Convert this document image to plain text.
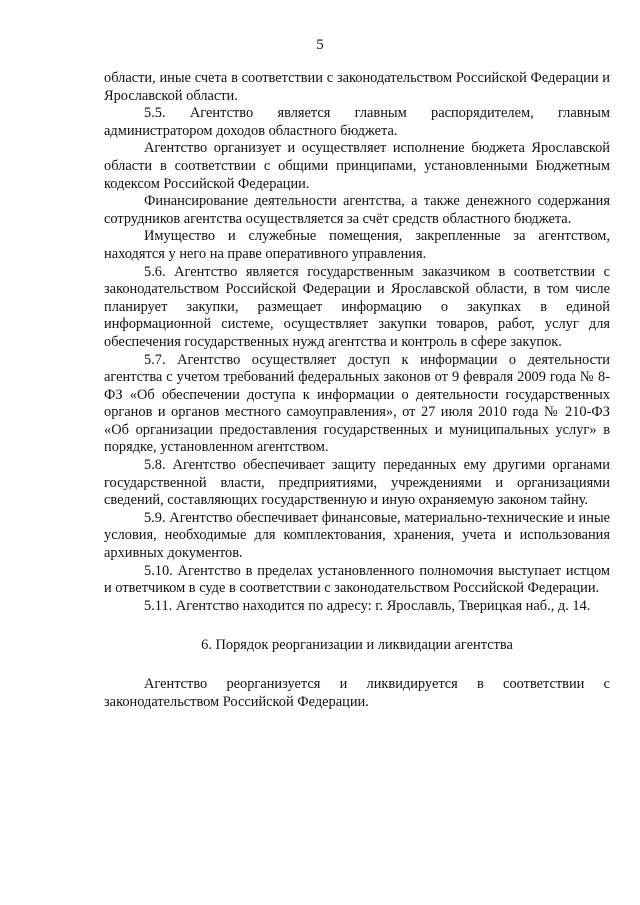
5

области, иные счета в соответствии с законодательством Российской Федерации и Ярославской области.

5.5. Агентство является главным распорядителем, главным администратором доходов областного бюджета.

Агентство организует и осуществляет исполнение бюджета Ярославской области в соответствии с общими принципами, установленными Бюджетным кодексом Российской Федерации.

Финансирование деятельности агентства, а также денежного содержания сотрудников агентства осуществляется за счёт средств областного бюджета.

Имущество и служебные помещения, закрепленные за агентством, находятся у него на праве оперативного управления.

5.6. Агентство является государственным заказчиком в соответствии с законодательством Российской Федерации и Ярославской области, в том числе планирует закупки, размещает информацию о закупках в единой информационной системе, осуществляет закупки товаров, работ, услуг для обеспечения государственных нужд агентства и контроль в сфере закупок.

5.7. Агентство осуществляет доступ к информации о деятельности агентства с учетом требований федеральных законов от 9 февраля 2009 года № 8-ФЗ «Об обеспечении доступа к информации о деятельности государственных органов и органов местного самоуправления», от 27 июля 2010 года № 210-ФЗ «Об организации предоставления государственных и муниципальных услуг» в порядке, установленном агентством.

5.8. Агентство обеспечивает защиту переданных ему другими органами государственной власти, предприятиями, учреждениями и организациями сведений, составляющих государственную и иную охраняемую законом тайну.

5.9. Агентство обеспечивает финансовые, материально-технические и иные условия, необходимые для комплектования, хранения, учета и использования архивных документов.

5.10. Агентство в пределах установленного полномочия выступает истцом и ответчиком в суде в соответствии с законодательством Российской Федерации.

5.11. Агентство находится по адресу: г. Ярославль, Тверицкая наб., д. 14.

6. Порядок реорганизации и ликвидации агентства

Агентство реорганизуется и ликвидируется в соответствии с законодательством Российской Федерации.
